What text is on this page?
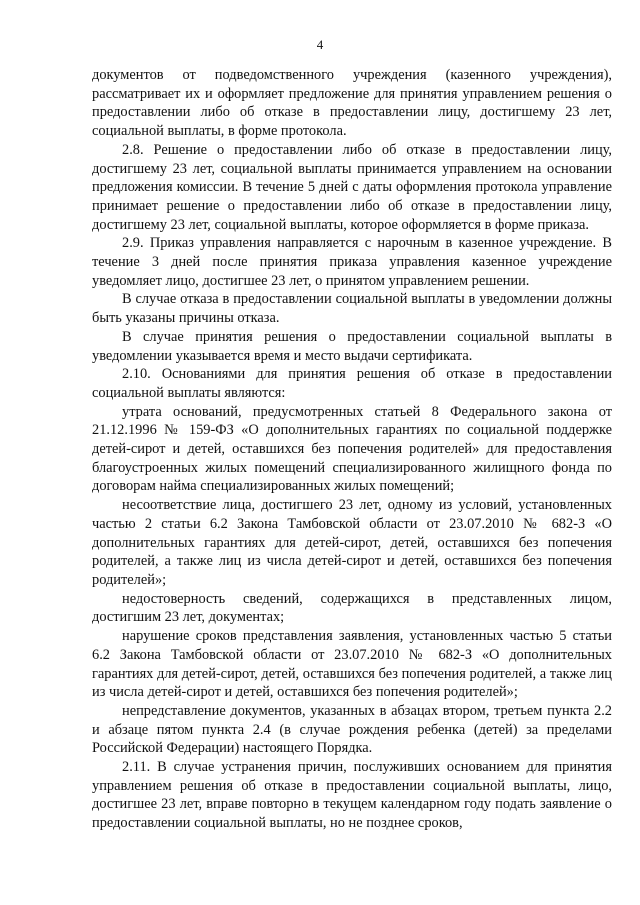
4

документов от подведомственного учреждения (казенного учреждения), рассматривает их и оформляет предложение для принятия управлением решения о предоставлении либо об отказе в предоставлении лицу, достигшему 23 лет, социальной выплаты, в форме протокола.

2.8. Решение о предоставлении либо об отказе в предоставлении лицу, достигшему 23 лет, социальной выплаты принимается управлением на основании предложения комиссии. В течение 5 дней с даты оформления протокола управление принимает решение о предоставлении либо об отказе в предоставлении лицу, достигшему 23 лет, социальной выплаты, которое оформляется в форме приказа.

2.9. Приказ управления направляется с нарочным в казенное учреждение. В течение 3 дней после принятия приказа управления казенное учреждение уведомляет лицо, достигшее 23 лет, о принятом управлением решении.

В случае отказа в предоставлении социальной выплаты в уведомлении должны быть указаны причины отказа.

В случае принятия решения о предоставлении социальной выплаты в уведомлении указывается время и место выдачи сертификата.

2.10. Основаниями для принятия решения об отказе в предоставлении социальной выплаты являются:

утрата оснований, предусмотренных статьей 8 Федерального закона от 21.12.1996 № 159-ФЗ «О дополнительных гарантиях по социальной поддержке детей-сирот и детей, оставшихся без попечения родителей» для предоставления благоустроенных жилых помещений специализированного жилищного фонда по договорам найма специализированных жилых помещений;

несоответствие лица, достигшего 23 лет, одному из условий, установленных частью 2 статьи 6.2 Закона Тамбовской области от 23.07.2010 № 682-З «О дополнительных гарантиях для детей-сирот, детей, оставшихся без попечения родителей, а также лиц из числа детей-сирот и детей, оставшихся без попечения родителей»;

недостоверность сведений, содержащихся в представленных лицом, достигшим 23 лет, документах;

нарушение сроков представления заявления, установленных частью 5 статьи 6.2 Закона Тамбовской области от 23.07.2010 № 682-З «О дополнительных гарантиях для детей-сирот, детей, оставшихся без попечения родителей, а также лиц из числа детей-сирот и детей, оставшихся без попечения родителей»;

непредставление документов, указанных в абзацах втором, третьем пункта 2.2 и абзаце пятом пункта 2.4 (в случае рождения ребенка (детей) за пределами Российской Федерации) настоящего Порядка.

2.11. В случае устранения причин, послуживших основанием для принятия управлением решения об отказе в предоставлении социальной выплаты, лицо, достигшее 23 лет, вправе повторно в текущем календарном году подать заявление о предоставлении социальной выплаты, но не позднее сроков,
